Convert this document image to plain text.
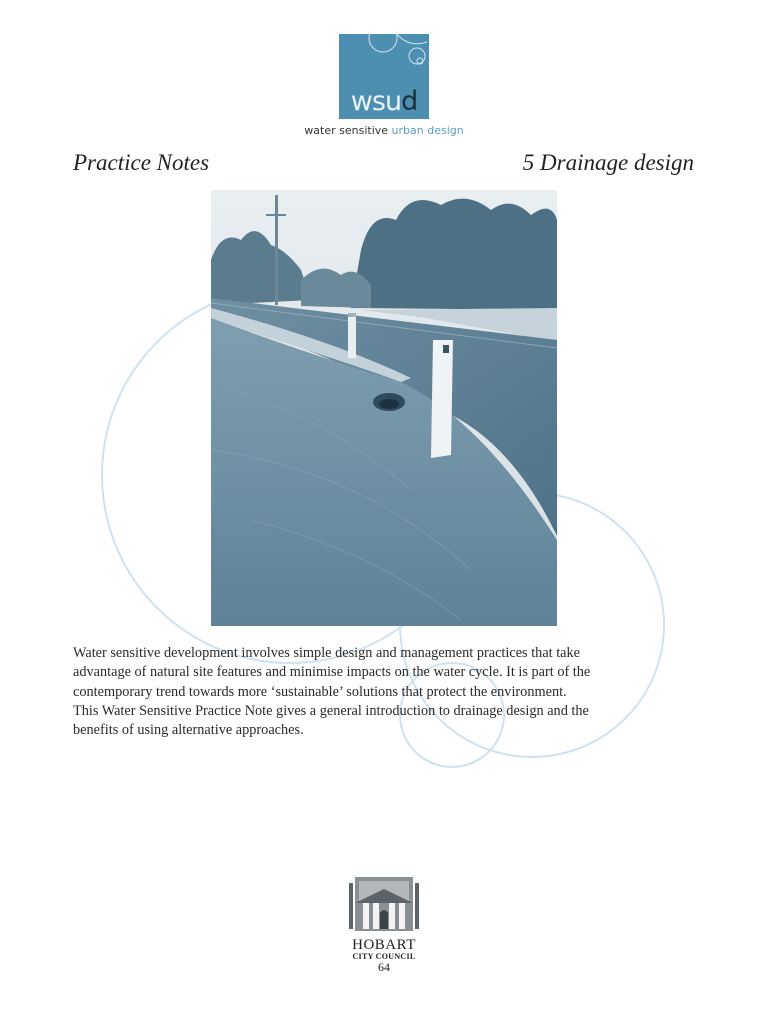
wsud
water sensitive urban design
Practice Notes	5 Drainage design

Water sensitive development involves simple design and management practices that take
advantage of natural site features and minimise impacts on the water cycle. It is part of the
contemporary trend towards more ‘sustainable’ solutions that protect the environment.
This Water Sensitive Practice Note gives a general introduction to drainage design and the
benefits of using alternative approaches.

HOBART
CITY COUNCIL
64
